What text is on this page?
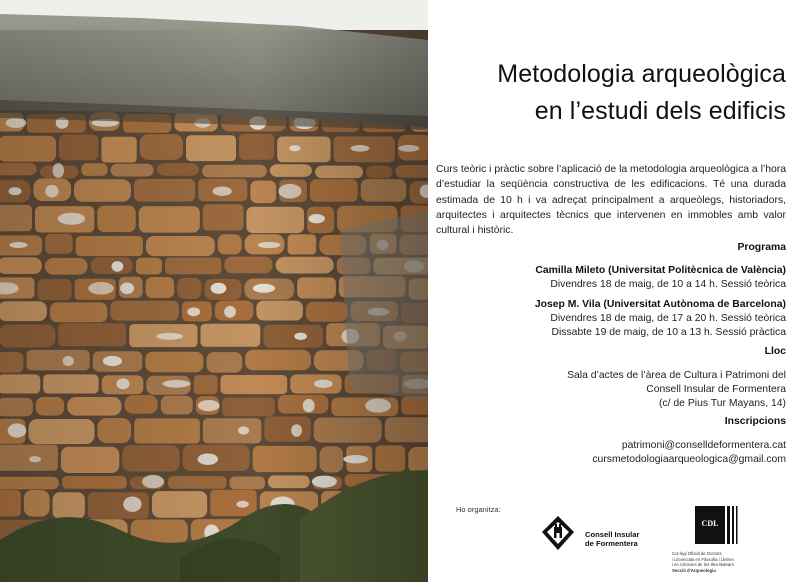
Metodologia arqueològica
en l’estudi dels edificis
Curs teòric i pràctic sobre l’aplicació de la metodologia arqueològica a l’hora d’estudiar la seqüència constructiva de les edificacions. Té una durada estimada de 10 h i va adreçat principalment a arqueòlegs, historiadors, arquitectes i arquitectes tècnics que intervenen en immobles amb valor cultural i històric.
Programa
Camilla Mileto (Universitat Politècnica de València)
Divendres 18 de maig, de 10 a 14 h. Sessió teòrica
Josep M. Vila (Universitat Autònoma de Barcelona)
Divendres 18 de maig, de 17 a 20 h. Sessió teòrica
Dissabte 19 de maig, de 10 a 13 h. Sessió pràctica
Lloc
Sala d’actes de l’àrea de Cultura i Patrimoni del
Consell Insular de Formentera
(c/ de Pius Tur Mayans, 14)
Inscripcions
patrimoni@conselldeformentera.cat
cursmetodologiaarqueologica@gmail.com
Ho organitza:
Consell Insular
de Formentera
CDL
Col·legi Oficial de Doctors
i Llicenciats en Filosofia i Lletres
i en Ciències de les Illes Balears
Secció d'Arqueologia
